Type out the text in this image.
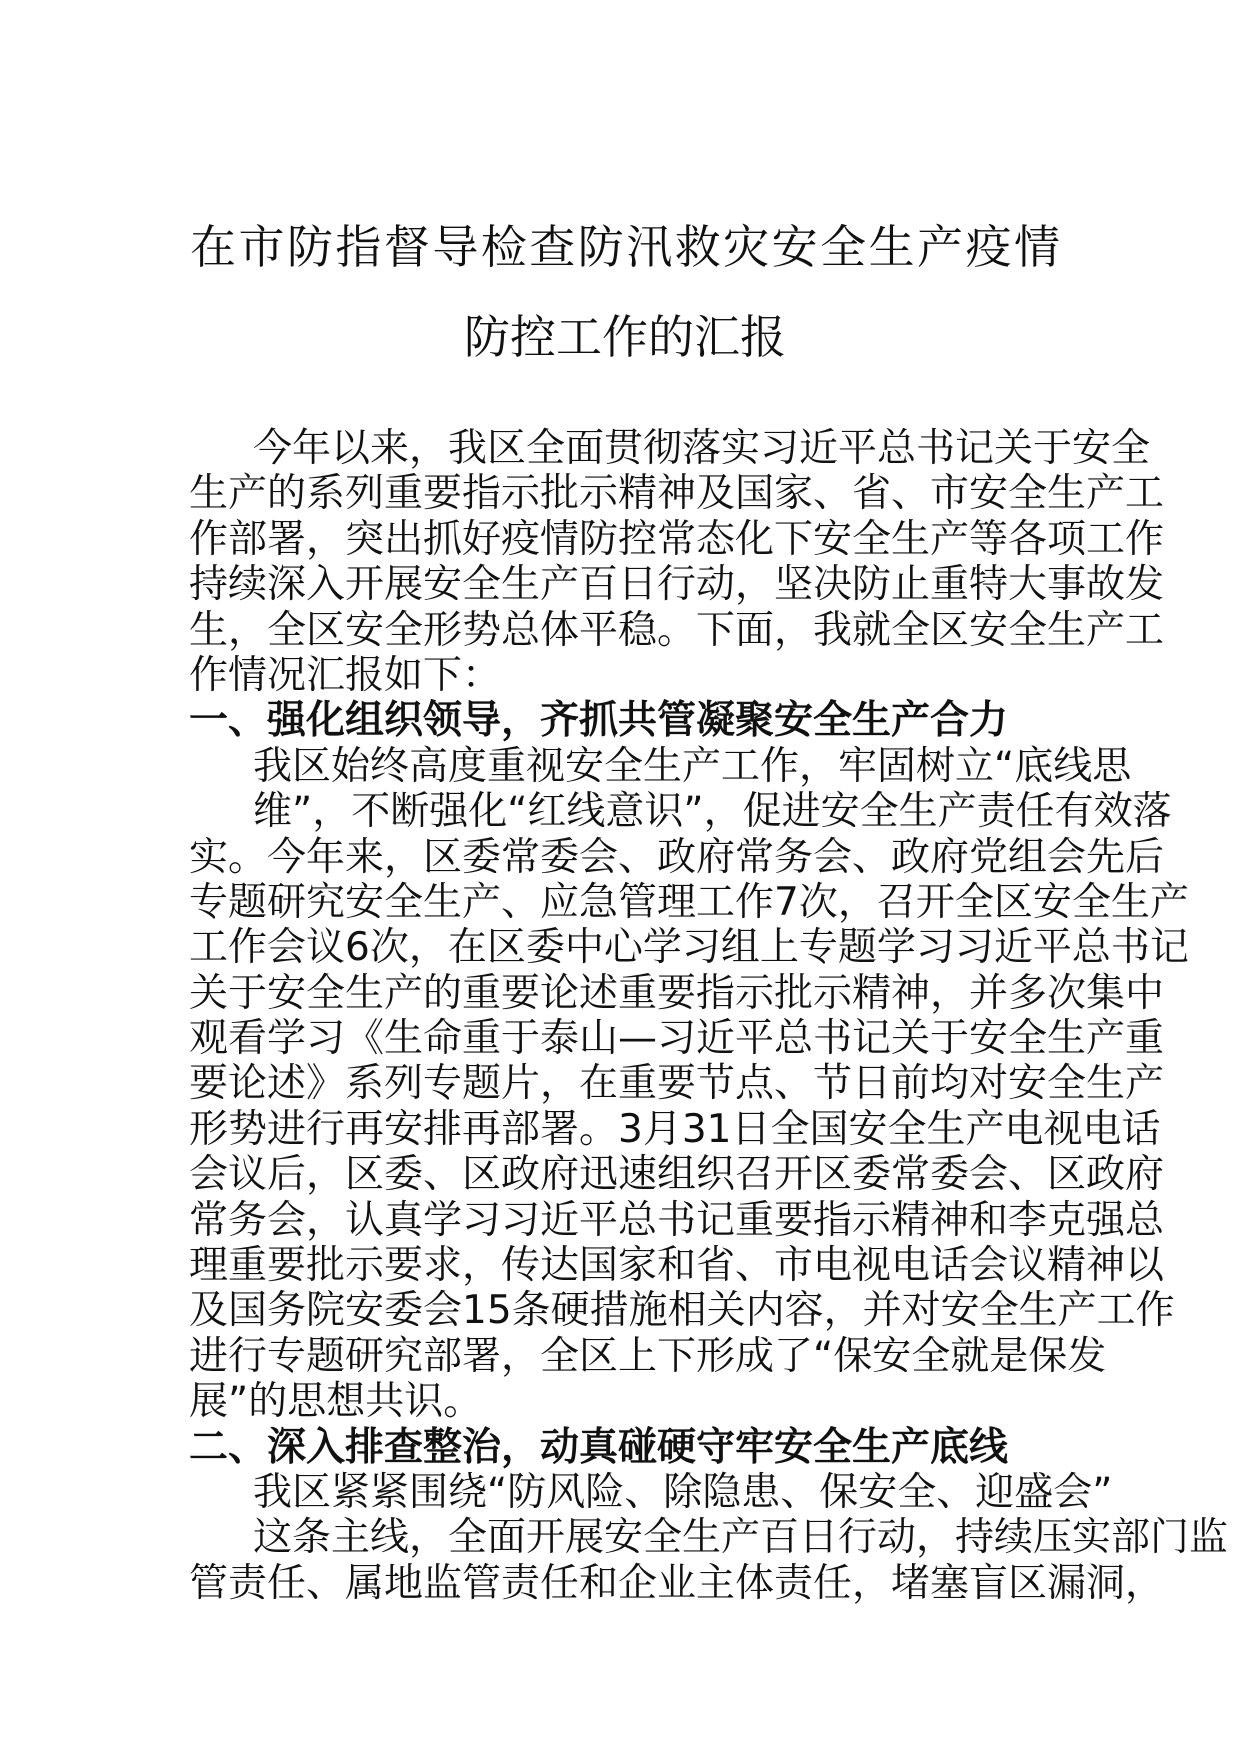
在市防指督导检查防汛救灾安全生产疫情
防控工作的汇报
今年以来，我区全面贯彻落实习近平总书记关于安全
生产的系列重要指示批示精神及国家、省、市安全生产工
作部署，突出抓好疫情防控常态化下安全生产等各项工作
持续深入开展安全生产百日行动，坚决防止重特大事故发
生，全区安全形势总体平稳。下面，我就全区安全生产工
作情况汇报如下：
一、强化组织领导，齐抓共管凝聚安全生产合力
我区始终高度重视安全生产工作，牢固树立“底线思
维”，不断强化“红线意识”，促进安全生产责任有效落
实。今年来，区委常委会、政府常务会、政府党组会先后
专题研究安全生产、应急管理工作7次，召开全区安全生产
工作会议6次，在区委中心学习组上专题学习习近平总书记
关于安全生产的重要论述重要指示批示精神，并多次集中
观看学习《生命重于泰山—习近平总书记关于安全生产重
要论述》系列专题片，在重要节点、节日前均对安全生产
形势进行再安排再部署。3月31日全国安全生产电视电话
会议后，区委、区政府迅速组织召开区委常委会、区政府
常务会，认真学习习近平总书记重要指示精神和李克强总
理重要批示要求，传达国家和省、市电视电话会议精神以
及国务院安委会15条硬措施相关内容，并对安全生产工作
进行专题研究部署，全区上下形成了“保安全就是保发
展”的思想共识。
二、深入排查整治，动真碰硬守牢安全生产底线
我区紧紧围绕“防风险、除隐患、保安全、迎盛会”
这条主线，全面开展安全生产百日行动，持续压实部门监
管责任、属地监管责任和企业主体责任，堵塞盲区漏洞，
